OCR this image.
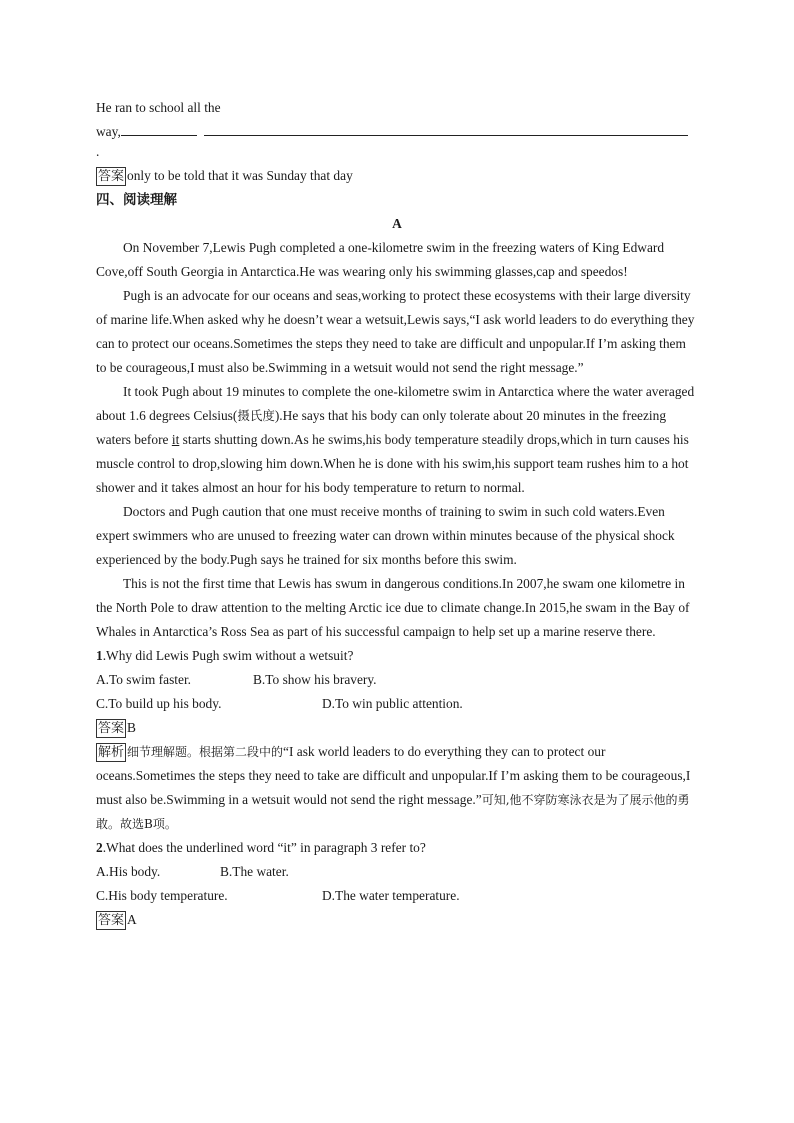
He ran to school all the
way,
.
答案 only to be told that it was Sunday that day
四、阅读理解
A

On November 7,Lewis Pugh completed a one-kilometre swim in the freezing waters of King Edward Cove,off South Georgia in Antarctica.He was wearing only his swimming glasses,cap and speedos!

Pugh is an advocate for our oceans and seas,working to protect these ecosystems with their large diversity of marine life.When asked why he doesn’t wear a wetsuit,Lewis says,“I ask world leaders to do everything they can to protect our oceans.Sometimes the steps they need to take are difficult and unpopular.If I’m asking them to be courageous,I must also be.Swimming in a wetsuit would not send the right message.”

It took Pugh about 19 minutes to complete the one-kilometre swim in Antarctica where the water averaged about 1.6 degrees Celsius(摄氏度).He says that his body can only tolerate about 20 minutes in the freezing waters before it starts shutting down.As he swims,his body temperature steadily drops,which in turn causes his muscle control to drop,slowing him down.When he is done with his swim,his support team rushes him to a hot shower and it takes almost an hour for his body temperature to return to normal.

Doctors and Pugh caution that one must receive months of training to swim in such cold waters.Even expert swimmers who are unused to freezing water can drown within minutes because of the physical shock experienced by the body.Pugh says he trained for six months before this swim.

This is not the first time that Lewis has swum in dangerous conditions.In 2007,he swam one kilometre in the North Pole to draw attention to the melting Arctic ice due to climate change.In 2015,he swam in the Bay of Whales in Antarctica’s Ross Sea as part of his successful campaign to help set up a marine reserve there.

1.Why did Lewis Pugh swim without a wetsuit?
A.To swim faster.	B.To show his bravery.
C.To build up his body.	D.To win public attention.
答案 B

解析 细节理解题。根据第二段中的“I ask world leaders to do everything they can to protect our oceans.Sometimes the steps they need to take are difficult and unpopular.If I’m asking them to be courageous,I must also be.Swimming in a wetsuit would not send the right message.”可知,他不穿防寒泳衣是为了展示他的勇敢。故选B项。

2.What does the underlined word “it” in paragraph 3 refer to?
A.His body.	B.The water.
C.His body temperature.	D.The water temperature.
答案 A
